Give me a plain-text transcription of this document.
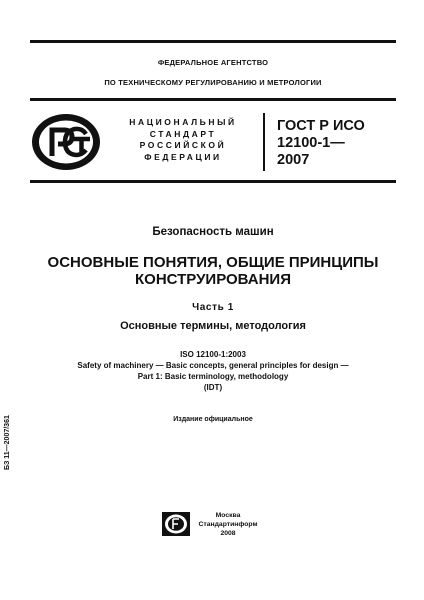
ФЕДЕРАЛЬНОЕ АГЕНТСТВО
ПО ТЕХНИЧЕСКОМУ РЕГУЛИРОВАНИЮ И МЕТРОЛОГИИ
НАЦИОНАЛЬНЫЙ
СТАНДАРТ
РОССИЙСКОЙ
ФЕДЕРАЦИИ
ГОСТ Р ИСО
12100-1—
2007
Безопасность машин
ОСНОВНЫЕ ПОНЯТИЯ, ОБЩИЕ ПРИНЦИПЫ
КОНСТРУИРОВАНИЯ
Часть 1
Основные термины, методология
ISO 12100-1:2003
Safety of machinery — Basic concepts, general principles for design —
Part 1: Basic terminology, methodology
(IDT)
Издание официальное
БЗ 11—2007/361
Москва
Стандартинформ
2008
